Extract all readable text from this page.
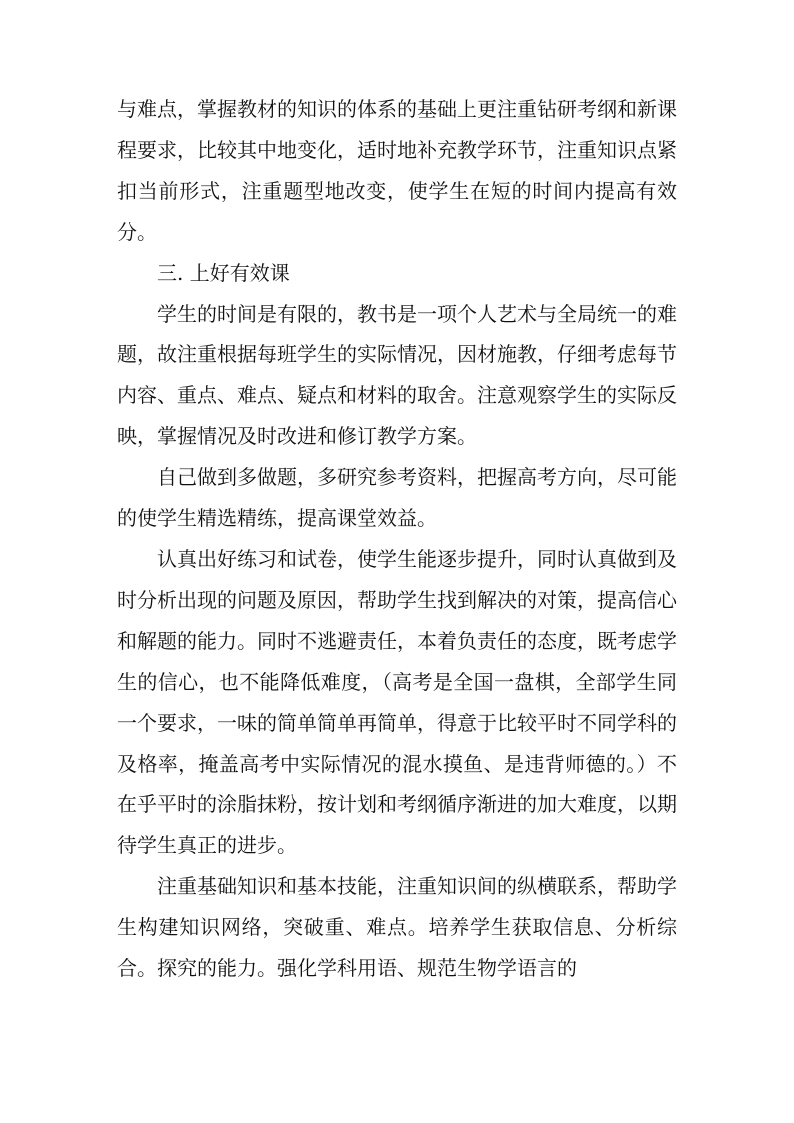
与难点，掌握教材的知识的体系的基础上更注重钻研考纲和新课程要求，比较其中地变化，适时地补充教学环节，注重知识点紧扣当前形式，注重题型地改变，使学生在短的时间内提高有效分。

三. 上好有效课

学生的时间是有限的，教书是一项个人艺术与全局统一的难题，故注重根据每班学生的实际情况，因材施教，仔细考虑每节内容、重点、难点、疑点和材料的取舍。注意观察学生的实际反映，掌握情况及时改进和修订教学方案。

自己做到多做题，多研究参考资料，把握高考方向，尽可能的使学生精选精练，提高课堂效益。

认真出好练习和试卷，使学生能逐步提升，同时认真做到及时分析出现的问题及原因，帮助学生找到解决的对策，提高信心和解题的能力。同时不逃避责任，本着负责任的态度，既考虑学生的信心，也不能降低难度，（高考是全国一盘棋，全部学生同一个要求，一味的简单简单再简单，得意于比较平时不同学科的及格率，掩盖高考中实际情况的混水摸鱼、是违背师德的。）不在乎平时的涂脂抹粉，按计划和考纲循序渐进的加大难度，以期待学生真正的进步。

注重基础知识和基本技能，注重知识间的纵横联系，帮助学生构建知识网络，突破重、难点。培养学生获取信息、分析综合。探究的能力。强化学科用语、规范生物学语言的
